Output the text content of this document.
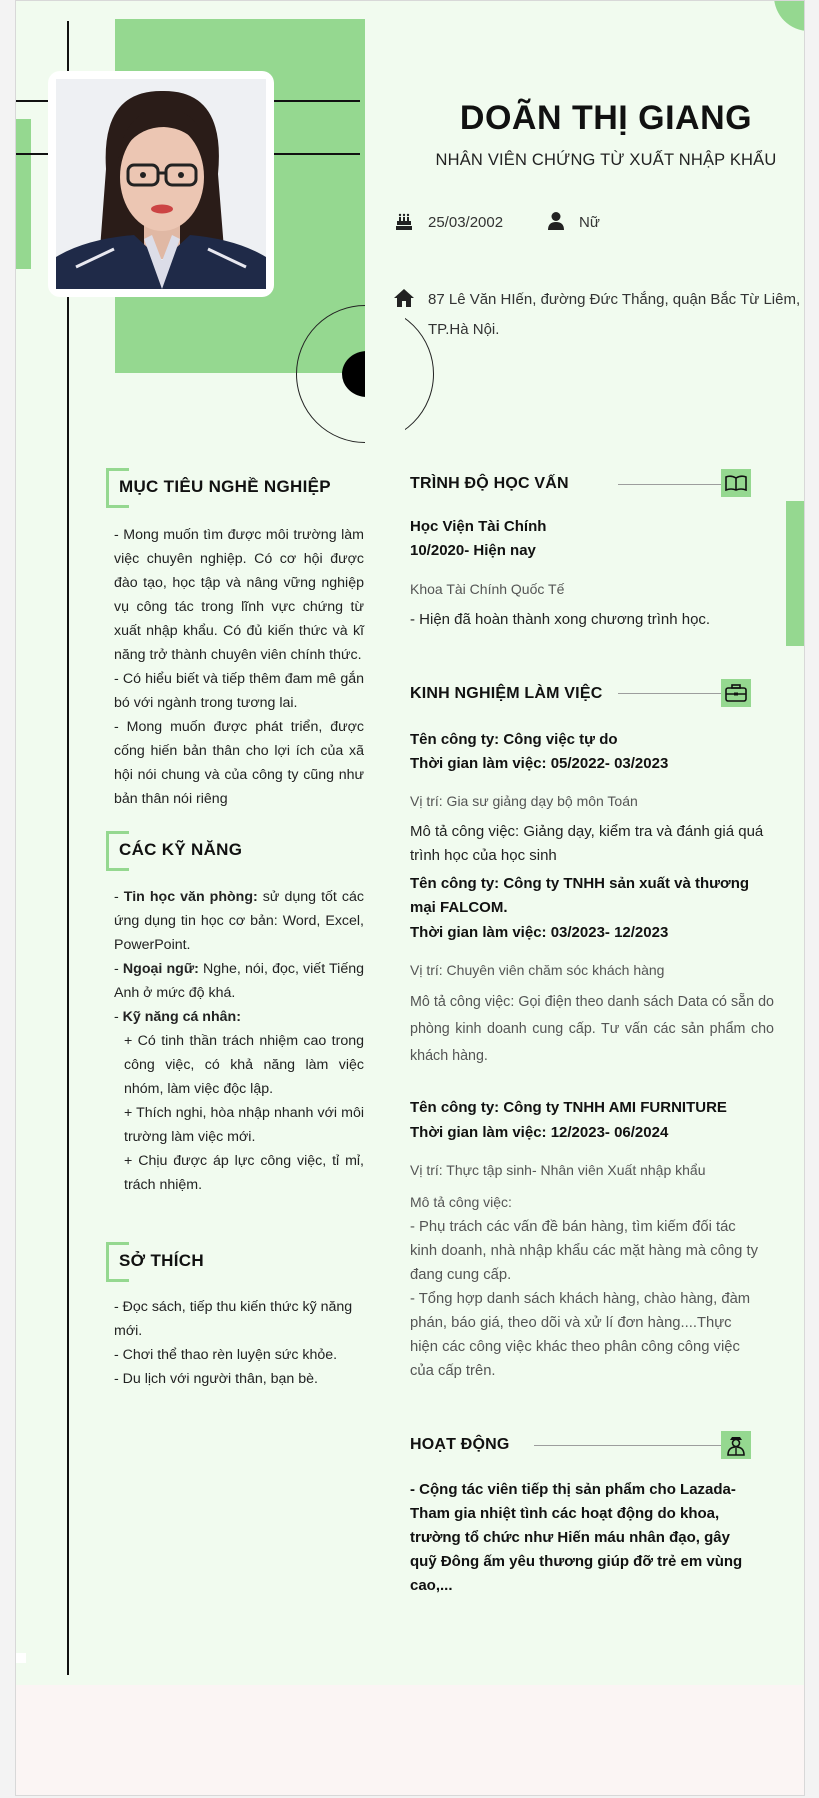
DOÃN THỊ GIANG
NHÂN VIÊN CHỨNG TỪ XUẤT NHẬP KHẨU
25/03/2002	Nữ
87 Lê Văn HIến, đường Đức Thắng, quận Bắc Từ Liêm, TP.Hà Nội.
MỤC TIÊU NGHỀ NGHIỆP
- Mong muốn tìm được môi trường làm việc chuyên nghiệp. Có cơ hội được đào tạo, học tập và nâng vững nghiệp vụ công tác trong lĩnh vực chứng từ xuất nhập khẩu. Có đủ kiến thức và kĩ năng trở thành chuyên viên chính thức.
- Có hiểu biết và tiếp thêm đam mê gắn bó với ngành trong tương lai.
- Mong muốn được phát triển, được cống hiến bản thân cho lợi ích của xã hội nói chung và của công ty cũng như bản thân nói riêng
CÁC KỸ NĂNG
- Tin học văn phòng: sử dụng tốt các ứng dụng tin học cơ bản: Word, Excel, PowerPoint.
- Ngoại ngữ: Nghe, nói, đọc, viết Tiếng Anh ở mức độ khá.
- Kỹ năng cá nhân:
+ Có tinh thần trách nhiệm cao trong công việc, có khả năng làm việc nhóm, làm việc độc lập.
+ Thích nghi, hòa nhập nhanh với môi trường làm việc mới.
+ Chịu được áp lực công việc, tỉ mỉ, trách nhiệm.
SỞ THÍCH
- Đọc sách, tiếp thu kiến thức kỹ năng mới.
- Chơi thể thao rèn luyện sức khỏe.
- Du lịch với người thân, bạn bè.
TRÌNH ĐỘ HỌC VẤN
Học Viện Tài Chính
10/2020- Hiện nay
Khoa Tài Chính Quốc Tế
- Hiện đã hoàn thành xong chương trình học.
KINH NGHIỆM LÀM VIỆC
Tên công ty: Công việc tự do
Thời gian làm việc: 05/2022- 03/2023
Vị trí: Gia sư giảng dạy bộ môn Toán
Mô tả công việc: Giảng dạy, kiểm tra và đánh giá quá trình học của học sinh
Tên công ty: Công ty TNHH sản xuất và thương mại FALCOM.
Thời gian làm việc: 03/2023- 12/2023
Vị trí: Chuyên viên chăm sóc khách hàng
Mô tả công việc: Gọi điện theo danh sách Data có sẵn do phòng kinh doanh cung cấp. Tư vấn các sản phẩm cho khách hàng.
Tên công ty: Công ty TNHH AMI FURNITURE
Thời gian làm việc: 12/2023- 06/2024
Vị trí: Thực tập sinh- Nhân viên Xuất nhập khẩu
Mô tả công việc:
- Phụ trách các vấn đề bán hàng, tìm kiếm đối tác kinh doanh, nhà nhập khẩu các mặt hàng mà công ty đang cung cấp.
- Tổng hợp danh sách khách hàng, chào hàng, đàm phán, báo giá, theo dõi và xử lí đơn hàng....Thực hiện các công việc khác theo phân công công việc của cấp trên.
HOẠT ĐỘNG
- Cộng tác viên tiếp thị sản phẩm cho Lazada- Tham gia nhiệt tình các hoạt động do khoa, trường tổ chức như Hiến máu nhân đạo, gây quỹ Đông ấm yêu thương giúp đỡ trẻ em vùng cao,...
